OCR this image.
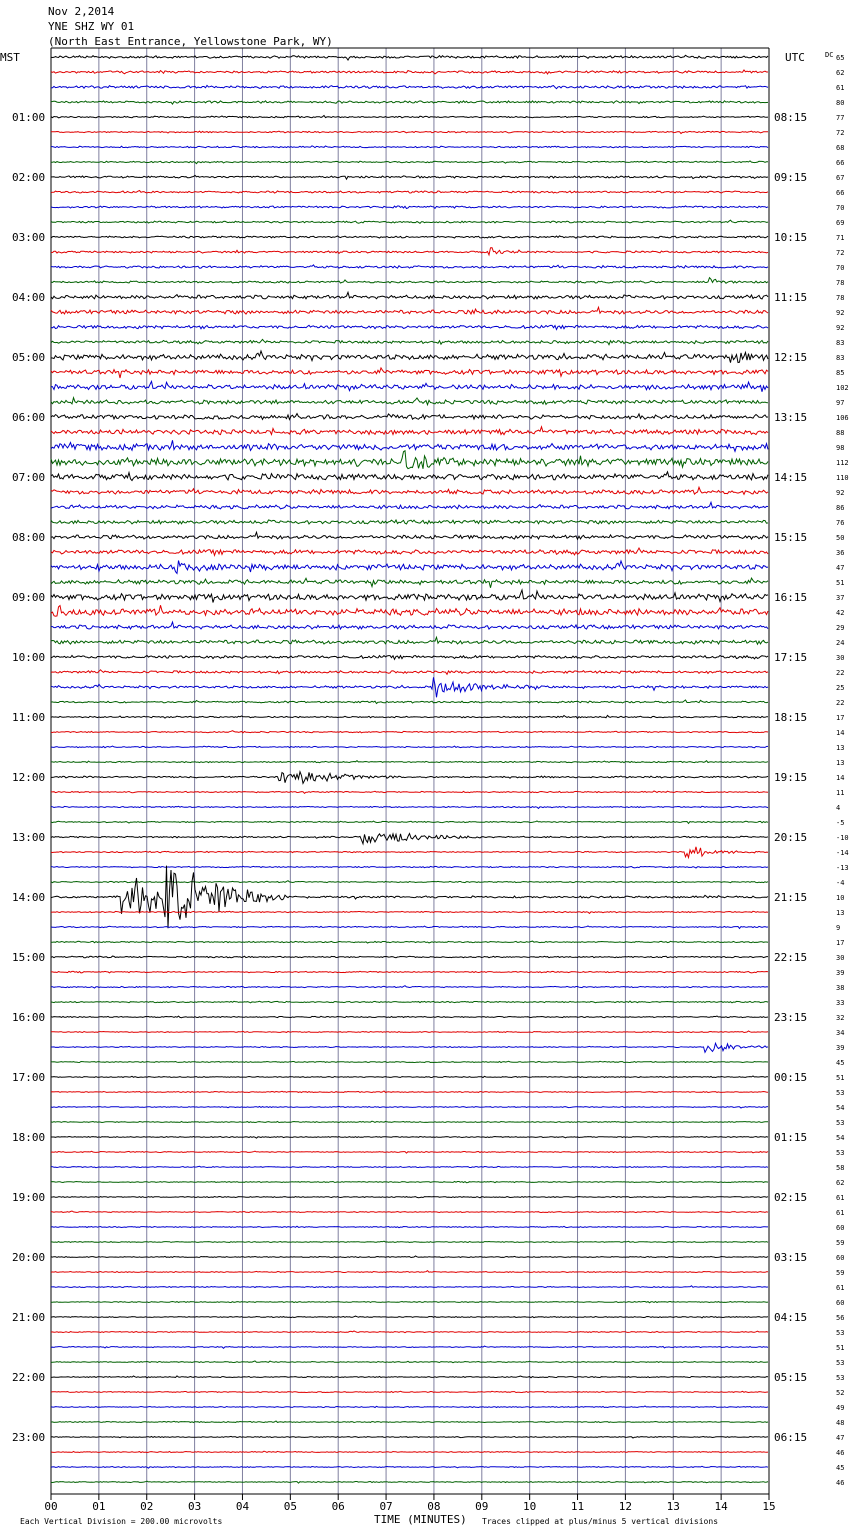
Nov 2,2014
YNE SHZ WY 01
(North East Entrance, Yellowstone Park, WY)
MST	UTC	DC
TIME (MINUTES)
Each Vertical Division = 200.00 microvolts	Traces clipped at plus/minus 5 vertical divisions
00	01	02	03	04	05	06	07	08	09	10	11	12	13	14	15
65
62
61
80
77
72
68
66
67
66
70
69
71
72
70
78
78
92
92
83
83
85
102
97
106
88
98
112
110
92
86
76
50
36
47
51
37
42
29
24
30
22
25
22
17
14
13
13
14
11
4
-5
-10
-14
-13
-4
10
13
9
17
30
39
38
33
32
34
39
45
51
53
54
53
54
53
58
62
61
61
60
59
60
59
61
60
56
53
51
53
53
52
49
48
47
46
45
46
01:00	08:15
02:00	09:15
03:00	10:15
04:00	11:15
05:00	12:15
06:00	13:15
07:00	14:15
08:00	15:15
09:00	16:15
10:00	17:15
11:00	18:15
12:00	19:15
13:00	20:15
14:00	21:15
15:00	22:15
16:00	23:15
17:00	00:15
18:00	01:15
19:00	02:15
20:00	03:15
21:00	04:15
22:00	05:15
23:00	06:15
